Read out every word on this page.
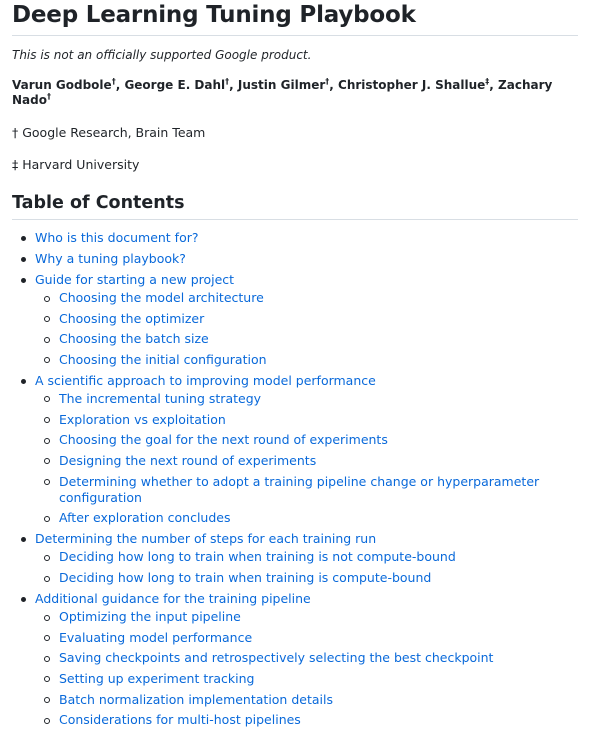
Deep Learning Tuning Playbook

This is not an officially supported Google product.

Varun Godbole†, George E. Dahl†, Justin Gilmer†, Christopher J. Shallue‡, Zachary Nado†

† Google Research, Brain Team

‡ Harvard University

Table of Contents
Who is this document for?
Why a tuning playbook?
Guide for starting a new project
Choosing the model architecture
Choosing the optimizer
Choosing the batch size
Choosing the initial configuration
A scientific approach to improving model performance
The incremental tuning strategy
Exploration vs exploitation
Choosing the goal for the next round of experiments
Designing the next round of experiments
Determining whether to adopt a training pipeline change or hyperparameter configuration
After exploration concludes
Determining the number of steps for each training run
Deciding how long to train when training is not compute-bound
Deciding how long to train when training is compute-bound
Additional guidance for the training pipeline
Optimizing the input pipeline
Evaluating model performance
Saving checkpoints and retrospectively selecting the best checkpoint
Setting up experiment tracking
Batch normalization implementation details
Considerations for multi-host pipelines
